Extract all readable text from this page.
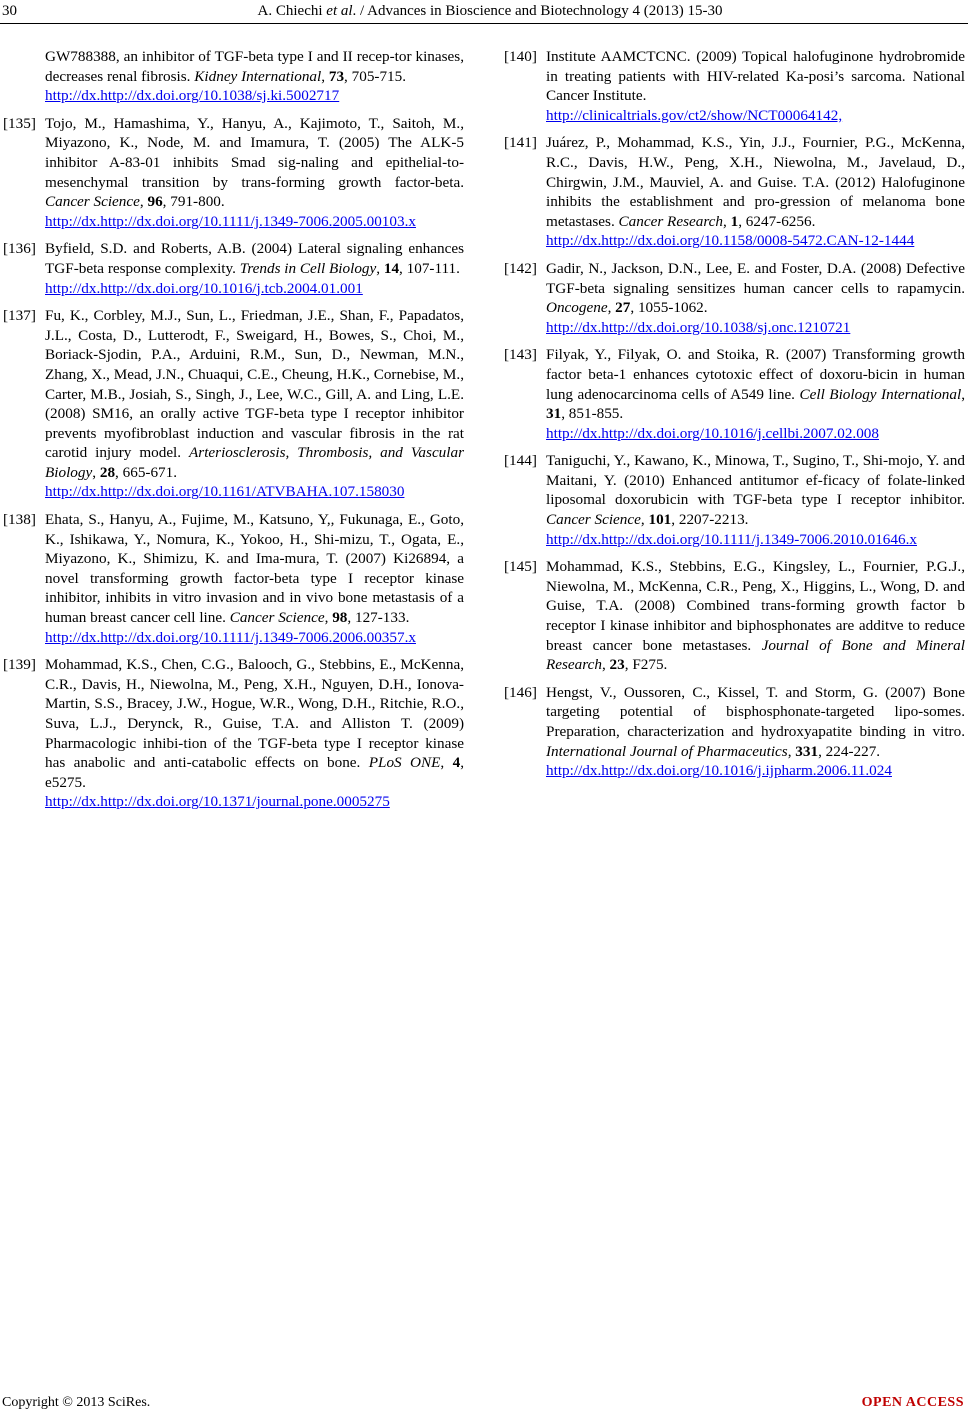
30	A. Chiechi et al. / Advances in Bioscience and Biotechnology 4 (2013) 15-30
GW788388, an inhibitor of TGF-beta type I and II recep-tor kinases, decreases renal fibrosis. Kidney International, 73, 705-715.
http://dx.http://dx.doi.org/10.1038/sj.ki.5002717
[135] Tojo, M., Hamashima, Y., Hanyu, A., Kajimoto, T., Saitoh, M., Miyazono, K., Node, M. and Imamura, T. (2005) The ALK-5 inhibitor A-83-01 inhibits Smad sig-naling and epithelial-to-mesenchymal transition by trans-forming growth factor-beta. Cancer Science, 96, 791-800.
http://dx.http://dx.doi.org/10.1111/j.1349-7006.2005.00103.x
[136] Byfield, S.D. and Roberts, A.B. (2004) Lateral signaling enhances TGF-beta response complexity. Trends in Cell Biology, 14, 107-111.
http://dx.http://dx.doi.org/10.1016/j.tcb.2004.01.001
[137] Fu, K., Corbley, M.J., Sun, L., Friedman, J.E., Shan, F., Papadatos, J.L., Costa, D., Lutterodt, F., Sweigard, H., Bowes, S., Choi, M., Boriack-Sjodin, P.A., Arduini, R.M., Sun, D., Newman, M.N., Zhang, X., Mead, J.N., Chuaqui, C.E., Cheung, H.K., Cornebise, M., Carter, M.B., Josiah, S., Singh, J., Lee, W.C., Gill, A. and Ling, L.E. (2008) SM16, an orally active TGF-beta type I receptor inhibitor prevents myofibroblast induction and vascular fibrosis in the rat carotid injury model. Arteriosclerosis, Thrombosis, and Vascular Biology, 28, 665-671.
http://dx.http://dx.doi.org/10.1161/ATVBAHA.107.158030
[138] Ehata, S., Hanyu, A., Fujime, M., Katsuno, Y,, Fukunaga, E., Goto, K., Ishikawa, Y., Nomura, K., Yokoo, H., Shi-mizu, T., Ogata, E., Miyazono, K., Shimizu, K. and Ima-mura, T. (2007) Ki26894, a novel transforming growth factor-beta type I receptor kinase inhibitor, inhibits in vitro invasion and in vivo bone metastasis of a human breast cancer cell line. Cancer Science, 98, 127-133.
http://dx.http://dx.doi.org/10.1111/j.1349-7006.2006.00357.x
[139] Mohammad, K.S., Chen, C.G., Balooch, G., Stebbins, E., McKenna, C.R., Davis, H., Niewolna, M., Peng, X.H., Nguyen, D.H., Ionova-Martin, S.S., Bracey, J.W., Hogue, W.R., Wong, D.H., Ritchie, R.O., Suva, L.J., Derynck, R., Guise, T.A. and Alliston T. (2009) Pharmacologic inhibi-tion of the TGF-beta type I receptor kinase has anabolic and anti-catabolic effects on bone. PLoS ONE, 4, e5275.
http://dx.http://dx.doi.org/10.1371/journal.pone.0005275
[140] Institute AAMCTCNC. (2009) Topical halofuginone hydrobromide in treating patients with HIV-related Ka-posi’s sarcoma. National Cancer Institute.
http://clinicaltrials.gov/ct2/show/NCT00064142,
[141] Juárez, P., Mohammad, K.S., Yin, J.J., Fournier, P.G., McKenna, R.C., Davis, H.W., Peng, X.H., Niewolna, M., Javelaud, D., Chirgwin, J.M., Mauviel, A. and Guise. T.A. (2012) Halofuginone inhibits the establishment and pro-gression of melanoma bone metastases. Cancer Research, 1, 6247-6256.
http://dx.http://dx.doi.org/10.1158/0008-5472.CAN-12-1444
[142] Gadir, N., Jackson, D.N., Lee, E. and Foster, D.A. (2008) Defective TGF-beta signaling sensitizes human cancer cells to rapamycin. Oncogene, 27, 1055-1062.
http://dx.http://dx.doi.org/10.1038/sj.onc.1210721
[143] Filyak, Y., Filyak, O. and Stoika, R. (2007) Transforming growth factor beta-1 enhances cytotoxic effect of doxoru-bicin in human lung adenocarcinoma cells of A549 line. Cell Biology International, 31, 851-855.
http://dx.http://dx.doi.org/10.1016/j.cellbi.2007.02.008
[144] Taniguchi, Y., Kawano, K., Minowa, T., Sugino, T., Shi-mojo, Y. and Maitani, Y. (2010) Enhanced antitumor ef-ficacy of folate-linked liposomal doxorubicin with TGF-beta type I receptor inhibitor. Cancer Science, 101, 2207-2213.
http://dx.http://dx.doi.org/10.1111/j.1349-7006.2010.01646.x
[145] Mohammad, K.S., Stebbins, E.G., Kingsley, L., Fournier, P.G.J., Niewolna, M., McKenna, C.R., Peng, X., Higgins, L., Wong, D. and Guise, T.A. (2008) Combined trans-forming growth factor b receptor I kinase inhibitor and biphosphonates are additve to reduce breast cancer bone metastases. Journal of Bone and Mineral Research, 23, F275.
[146] Hengst, V., Oussoren, C., Kissel, T. and Storm, G. (2007) Bone targeting potential of bisphosphonate-targeted lipo-somes. Preparation, characterization and hydroxyapatite binding in vitro. International Journal of Pharmaceutics, 331, 224-227.
http://dx.http://dx.doi.org/10.1016/j.ijpharm.2006.11.024
Copyright © 2013 SciRes.	OPEN ACCESS
